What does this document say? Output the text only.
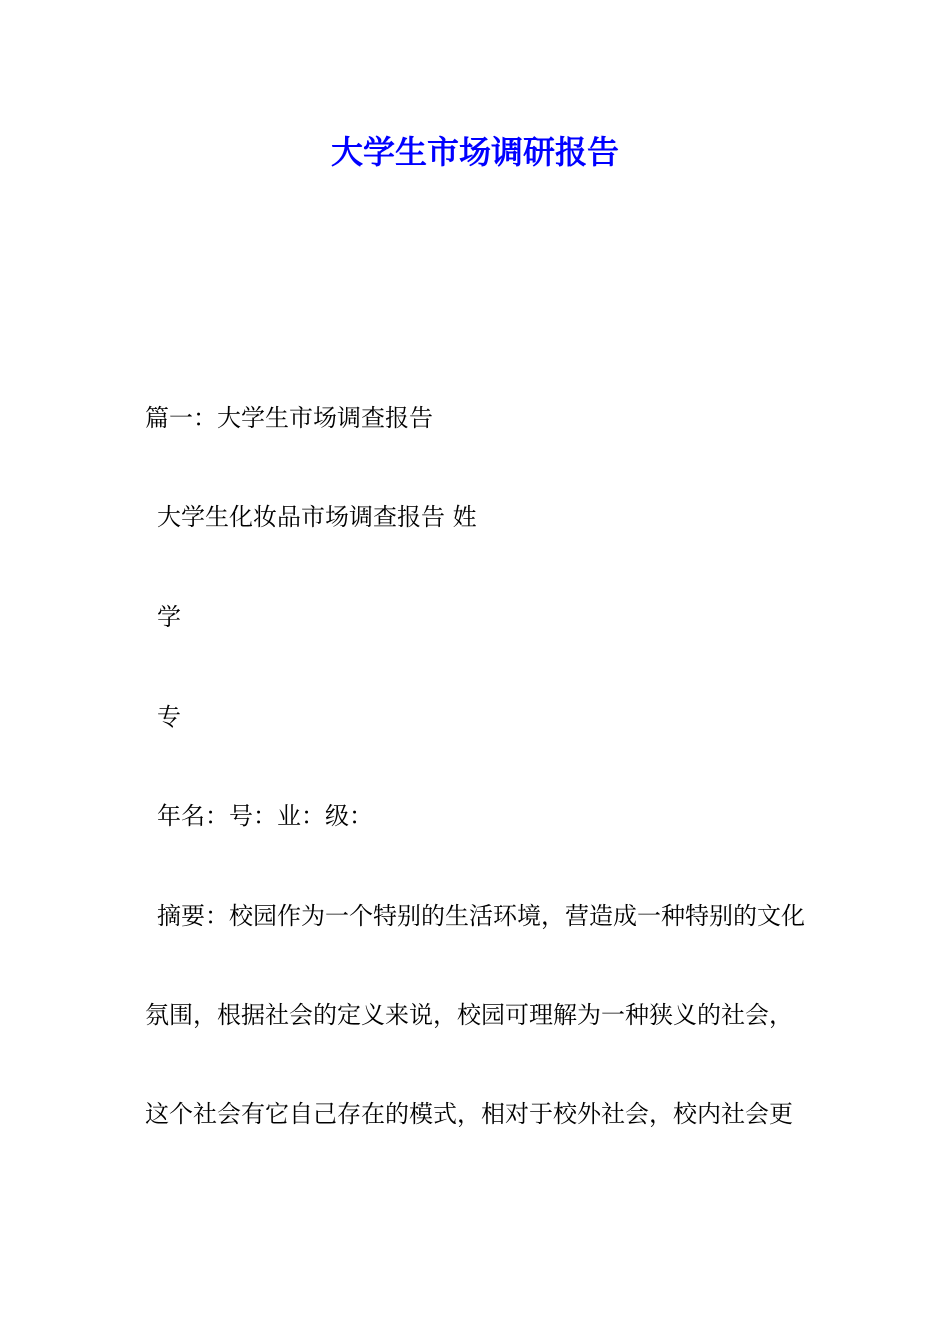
大学生市场调研报告

篇一：大学生市场调查报告

大学生化妆品市场调查报告 姓

学

专

年名：号：业：级：

摘要：校园作为一个特别的生活环境，营造成一种特别的文化

氛围，根据社会的定义来说，校园可理解为一种狭义的社会，

这个社会有它自己存在的模式，相对于校外社会，校内社会更
